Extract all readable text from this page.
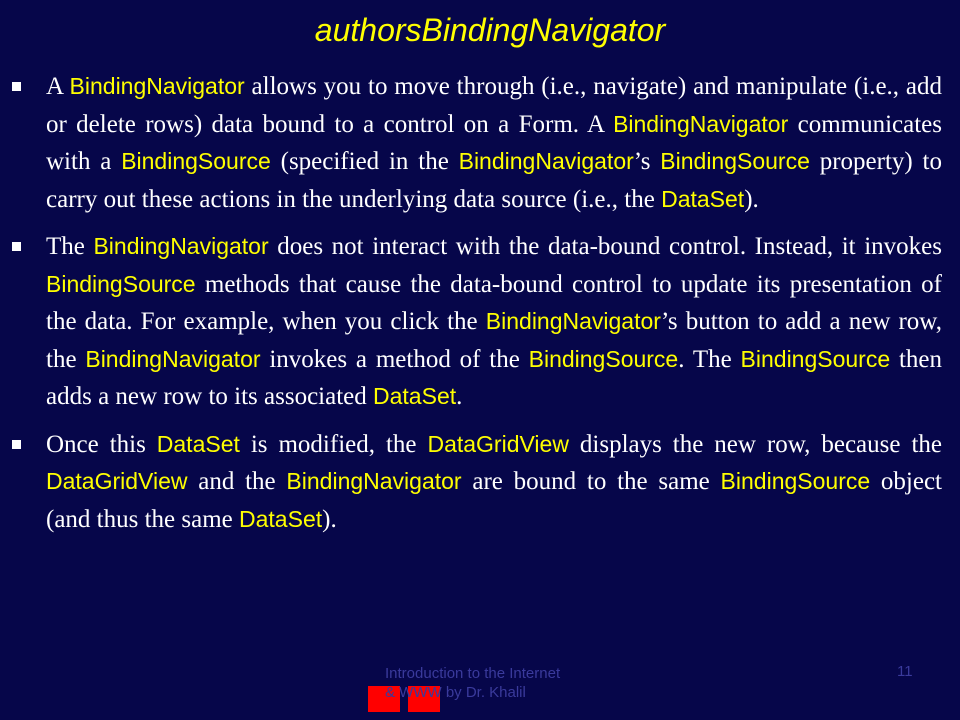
authorsBindingNavigator
A BindingNavigator allows you to move through (i.e., navigate) and manipulate (i.e., add or delete rows) data bound to a control on a Form. A BindingNavigator communicates with a BindingSource (specified in the BindingNavigator’s BindingSource property) to carry out these actions in the underlying data source (i.e., the DataSet).
The BindingNavigator does not interact with the data-bound control. Instead, it invokes BindingSource methods that cause the data-bound control to update its presentation of the data. For example, when you click the BindingNavigator’s button to add a new row, the BindingNavigator invokes a method of the BindingSource. The BindingSource then adds a new row to its associated DataSet.
Once this DataSet is modified, the DataGridView displays the new row, because the DataGridView and the BindingNavigator are bound to the same BindingSource object (and thus the same DataSet).
Introduction to the Internet
& WWW by Dr. Khalil
11
